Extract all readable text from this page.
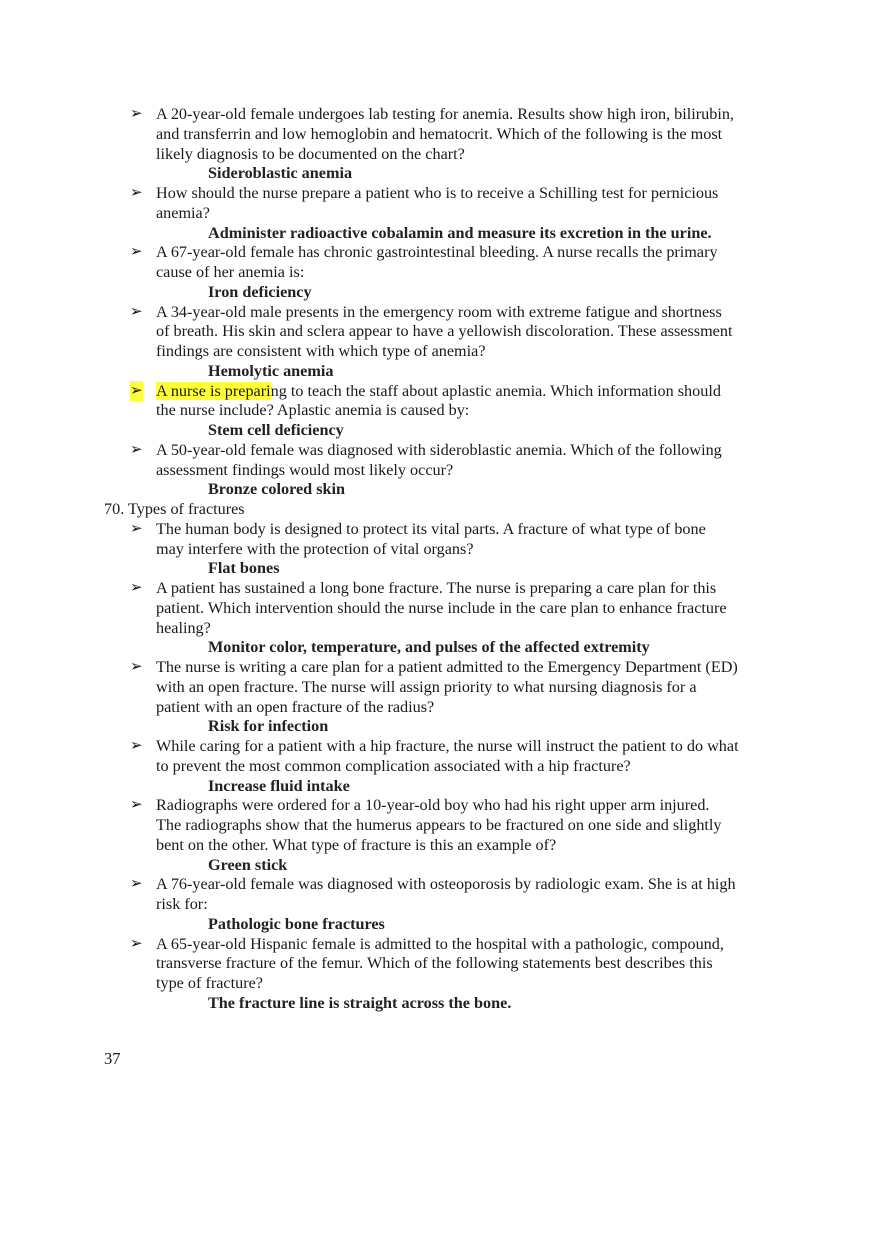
➢ A 20-year-old female undergoes lab testing for anemia. Results show high iron, bilirubin,
and transferrin and low hemoglobin and hematocrit. Which of the following is the most
likely diagnosis to be documented on the chart?
Sideroblastic anemia
➢ How should the nurse prepare a patient who is to receive a Schilling test for pernicious
anemia?
Administer radioactive cobalamin and measure its excretion in the urine.
➢ A 67-year-old female has chronic gastrointestinal bleeding. A nurse recalls the primary
cause of her anemia is:
Iron deficiency
➢ A 34-year-old male presents in the emergency room with extreme fatigue and shortness
of breath. His skin and sclera appear to have a yellowish discoloration. These assessment
findings are consistent with which type of anemia?
Hemolytic anemia
➢ A nurse is preparing to teach the staff about aplastic anemia. Which information should
the nurse include? Aplastic anemia is caused by:
Stem cell deficiency
➢ A 50-year-old female was diagnosed with sideroblastic anemia. Which of the following
assessment findings would most likely occur?
Bronze colored skin
70. Types of fractures
➢ The human body is designed to protect its vital parts. A fracture of what type of bone
may interfere with the protection of vital organs?
Flat bones
➢ A patient has sustained a long bone fracture. The nurse is preparing a care plan for this
patient. Which intervention should the nurse include in the care plan to enhance fracture
healing?
Monitor color, temperature, and pulses of the affected extremity
➢ The nurse is writing a care plan for a patient admitted to the Emergency Department (ED)
with an open fracture. The nurse will assign priority to what nursing diagnosis for a
patient with an open fracture of the radius?
Risk for infection
➢ While caring for a patient with a hip fracture, the nurse will instruct the patient to do what
to prevent the most common complication associated with a hip fracture?
Increase fluid intake
➢ Radiographs were ordered for a 10-year-old boy who had his right upper arm injured.
The radiographs show that the humerus appears to be fractured on one side and slightly
bent on the other. What type of fracture is this an example of?
Green stick
➢ A 76-year-old female was diagnosed with osteoporosis by radiologic exam. She is at high
risk for:
Pathologic bone fractures
➢ A 65-year-old Hispanic female is admitted to the hospital with a pathologic, compound,
transverse fracture of the femur. Which of the following statements best describes this
type of fracture?
The fracture line is straight across the bone.
37
